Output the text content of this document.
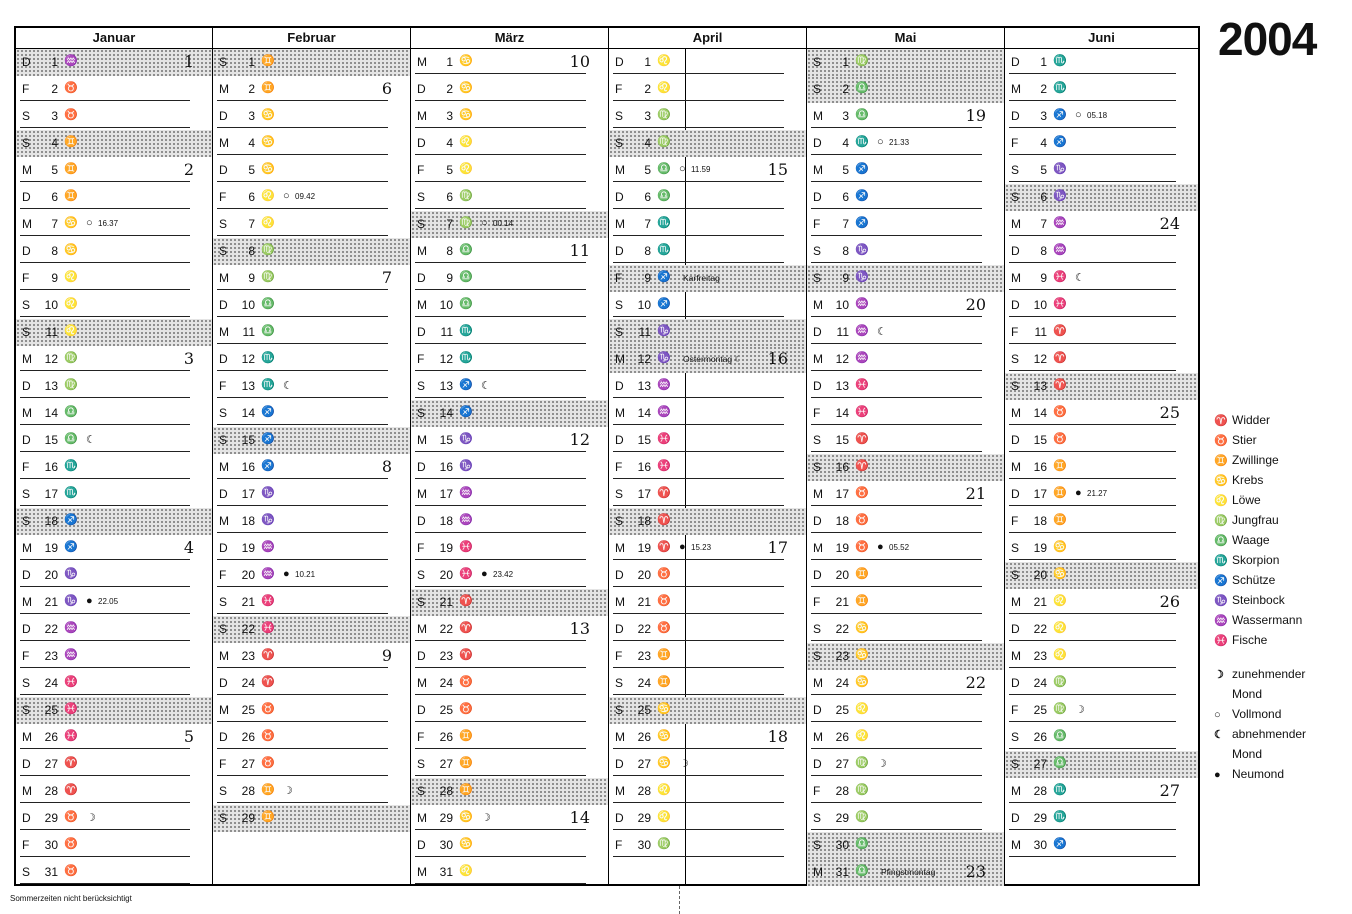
2004
Januar
D	1 ♒	1
F	2 ♉
S	3 ♉
S	4 ♊
M	5 ♊	2
D	6 ♊
M	7 ♋ ○ 16.37
D	8 ♋
F	9 ♌
S	10 ♌
S	11 ♌
M	12 ♍	3
D	13 ♍
M	14 ♎
D	15 ♎ ☾
F	16 ♏
S	17 ♏
S	18 ♐
M	19 ♐	4
D	20 ♑
M	21 ♑ ● 22.05
D	22 ♒
F	23 ♒
S	24 ♓
S	25 ♓
M	26 ♓	5
D	27 ♈
M	28 ♈
D	29 ♉ ☽
F	30 ♉
S	31 ♉
Februar
S	1 ♊
M	2 ♊	6
D	3 ♋
M	4 ♋
D	5 ♋
F	6 ♌ ○ 09.42
S	7 ♌
S	8 ♍
M	9 ♍	7
D	10 ♎
M	11 ♎
D	12 ♏
F	13 ♏ ☾
S	14 ♐
S	15 ♐
M	16 ♐	8
D	17 ♑
M	18 ♑
D	19 ♒
F	20 ♒ ● 10.21
S	21 ♓
S	22 ♓
M	23 ♈	9
D	24 ♈
M	25 ♉
D	26 ♉
F	27 ♉
S	28 ♊ ☽
S	29 ♊
März
M	1 ♋	10
D	2 ♋
M	3 ♋
D	4 ♌
F	5 ♌
S	6 ♍
S	7 ♍ ○ 00.14
M	8 ♎	11
D	9 ♎
M	10 ♎
D	11 ♏
F	12 ♏
S	13 ♐ ☾
S	14 ♐
M	15 ♑	12
D	16 ♑
M	17 ♒
D	18 ♒
F	19 ♓
S	20 ♓ ● 23.42
S	21 ♈
M	22 ♈	13
D	23 ♈
M	24 ♉
D	25 ♉
F	26 ♊
S	27 ♊
S	28 ♊
M	29 ♋ ☽	14
D	30 ♋
M	31 ♌
April
D	1 ♌
F	2 ♌
S	3 ♍
S	4 ♍
M	5 ♎ ○ 11.59	15
D	6 ♎
M	7 ♏
D	8 ♏
F	9 ♐ Karfreitag
S	10 ♐
S	11 ♑
M	12 ♑ Ostermontag ☾ 16
D	13 ♒
M	14 ♒
D	15 ♓
F	16 ♓
S	17 ♈
S	18 ♈
M	19 ♈ ● 15.23	17
D	20 ♉
M	21 ♉
D	22 ♉
F	23 ♊
S	24 ♊
S	25 ♋
M	26 ♋	18
D	27 ♋ ☽
M	28 ♌
D	29 ♌
F	30 ♍
Mai
S	1 ♍
S	2 ♎
M	3 ♎	19
D	4 ♏ ○ 21.33
M	5 ♐
D	6 ♐
F	7 ♐
S	8 ♑
S	9 ♑
M	10 ♒	20
D	11 ♒ ☾
M	12 ♒
D	13 ♓
F	14 ♓
S	15 ♈
S	16 ♈
M	17 ♉	21
D	18 ♉
M	19 ♉ ● 05.52
D	20 ♊
F	21 ♊
S	22 ♋
S	23 ♋
M	24 ♋	22
D	25 ♌
M	26 ♌
D	27 ♍ ☽
F	28 ♍
S	29 ♍
S	30 ♎
M	31 ♎ Pfingstmontag 23
Juni
D	1 ♏
M	2 ♏
D	3 ♐ ○ 05.18
F	4 ♐
S	5 ♑
S	6 ♑
M	7 ♒	24
D	8 ♒
M	9 ♓ ☾
D	10 ♓
F	11 ♈
S	12 ♈
S	13 ♈
M	14 ♉	25
D	15 ♉
M	16 ♊
D	17 ♊ ● 21.27
F	18 ♊
S	19 ♋
S	20 ♋
M	21 ♌	26
D	22 ♌
M	23 ♌
D	24 ♍
F	25 ♍ ☽
S	26 ♎
S	27 ♎
M	28 ♏	27
D	29 ♏
M	30 ♐
♈ Widder
♉ Stier
♊ Zwillinge
♋ Krebs
♌ Löwe
♍ Jungfrau
♎ Waage
♏ Skorpion
♐ Schütze
♑ Steinbock
♒ Wassermann
♓ Fische
☽ zunehmender
Mond
○ Vollmond
☾ abnehmender
Mond
● Neumond
Sommerzeiten nicht berücksichtigt
